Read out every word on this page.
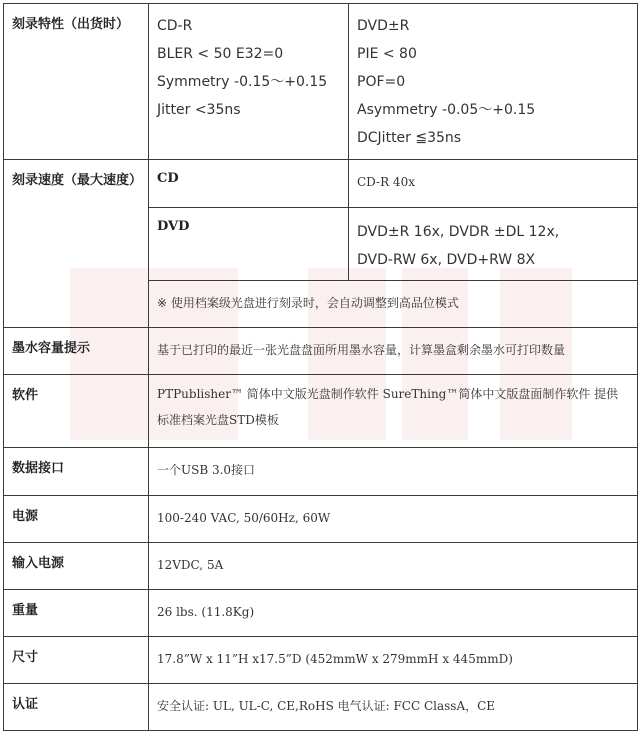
刻录特性（出货时）	CD-R
BLER < 50 E32=0
Symmetry -0.15～+0.15
Jitter <35ns	DVD±R
PIE < 80
POF=0
Asymmetry -0.05～+0.15
DCJitter ≦35ns

刻录速度（最大速度）	CD	CD-R 40x
	DVD	DVD±R 16x, DVDR ±DL 12x,
DVD-RW 6x, DVD+RW 8X

	※ 使用档案级光盘进行刻录时，会自动调整到高品位模式	
墨水容量提示	基于已打印的最近一张光盘盘面所用墨水容量，计算墨盒剩余墨水可打印数量	
软件	PTPublisher™ 简体中文版光盘制作软件 SureThing™简体中文版盘面制作软件 提供标准档案光盘STD模板	
数据接口	一个USB 3.0接口	
电源	100-240 VAC, 50/60Hz, 60W	
输入电源	12VDC, 5A	
重量	26 lbs. (11.8Kg)	
尺寸	17.8”W x 11”H x17.5”D (452mmW x 279mmH x 445mmD)	
认证	安全认证: UL, UL-C, CE,RoHS 电气认证: FCC ClassA，CE	
